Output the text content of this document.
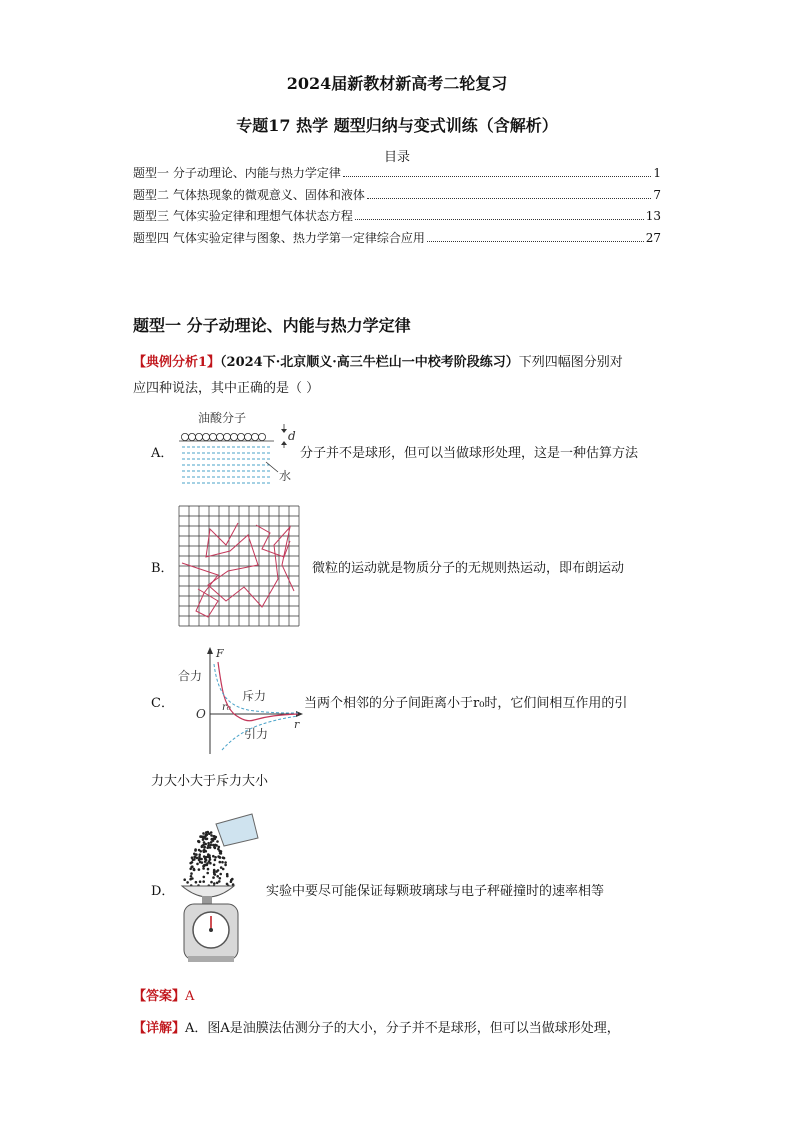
2024届新教材新高考二轮复习
专题17 热学 题型归纳与变式训练（含解析）
目录
题型一 分子动理论、内能与热力学定律	1
题型二 气体热现象的微观意义、固体和液体	7
题型三 气体实验定律和理想气体状态方程	13
题型四 气体实验定律与图象、热力学第一定律综合应用	27
题型一 分子动理论、内能与热力学定律
【典例分析1】（2024下·北京顺义·高三牛栏山一中校考阶段练习）下列四幅图分别对
应四种说法，其中正确的是（ ）
A．
油酸分子
d
水
分子并不是球形，但可以当做球形处理，这是一种估算方法
B．	微粒的运动就是物质分子的无规则热运动，即布朗运动
C．
F
合力
斥力
引力
O
r
r₀	当两个相邻的分子间距离小于r₀时，它们间相互作用的引
力大小大于斥力大小
D．	实验中要尽可能保证每颗玻璃球与电子秤碰撞时的速率相等
【答案】A
【详解】A．图A是油膜法估测分子的大小，分子并不是球形，但可以当做球形处理，
